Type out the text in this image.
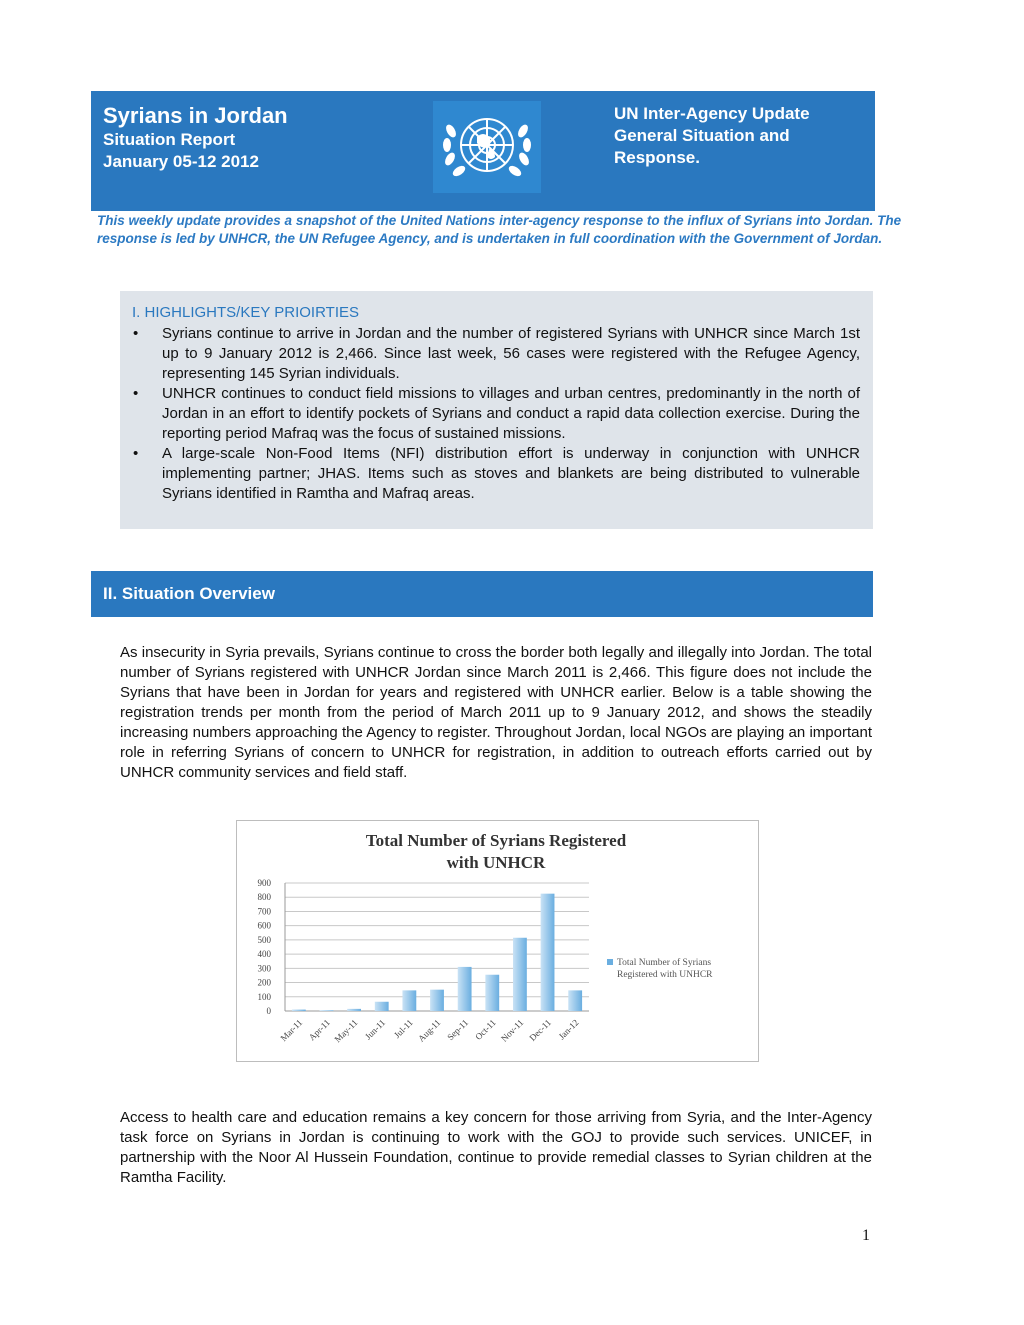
Syrians in Jordan
Situation Report
January 05-12 2012
UN Inter-Agency Update
General Situation and
Response.
This weekly update provides a snapshot of the United Nations inter-agency response to the influx of Syrians into Jordan. The response is led by UNHCR, the UN Refugee Agency, and is undertaken in full coordination with the Government of Jordan.
I. HIGHLIGHTS/KEY PRIOIRTIES
• Syrians continue to arrive in Jordan and the number of registered Syrians with UNHCR since March 1st up to 9 January 2012 is 2,466. Since last week, 56 cases were registered with the Refugee Agency, representing 145 Syrian individuals.
• UNHCR continues to conduct field missions to villages and urban centres, predominantly in the north of Jordan in an effort to identify pockets of Syrians and conduct a rapid data collection exercise. During the reporting period Mafraq was the focus of sustained missions.
• A large-scale Non-Food Items (NFI) distribution effort is underway in conjunction with UNHCR implementing partner; JHAS. Items such as stoves and blankets are being distributed to vulnerable Syrians identified in Ramtha and Mafraq areas.
II. Situation Overview
As insecurity in Syria prevails, Syrians continue to cross the border both legally and illegally into Jordan. The total number of Syrians registered with UNHCR Jordan since March 2011 is 2,466. This figure does not include the Syrians that have been in Jordan for years and registered with UNHCR earlier. Below is a table showing the registration trends per month from the period of March 2011 up to 9 January 2012, and shows the steadily increasing numbers approaching the Agency to register. Throughout Jordan, local NGOs are playing an important role in referring Syrians of concern to UNHCR for registration, in addition to outreach efforts carried out by UNHCR community services and field staff.
Total Number of Syrians Registered
with UNHCR
0
100
200
300
400
500
600
700
800
900
Mar-11 Apr-11 May-11 Jun-11 Jul-11 Aug-11 Sep-11 Oct-11 Nov-11 Dec-11 Jan-12
Total Number of Syrians
Registered with UNHCR
Access to health care and education remains a key concern for those arriving from Syria, and the Inter-Agency task force on Syrians in Jordan is continuing to work with the GOJ to provide such services. UNICEF, in partnership with the Noor Al Hussein Foundation, continue to provide remedial classes to Syrian children at the Ramtha Facility.
1
